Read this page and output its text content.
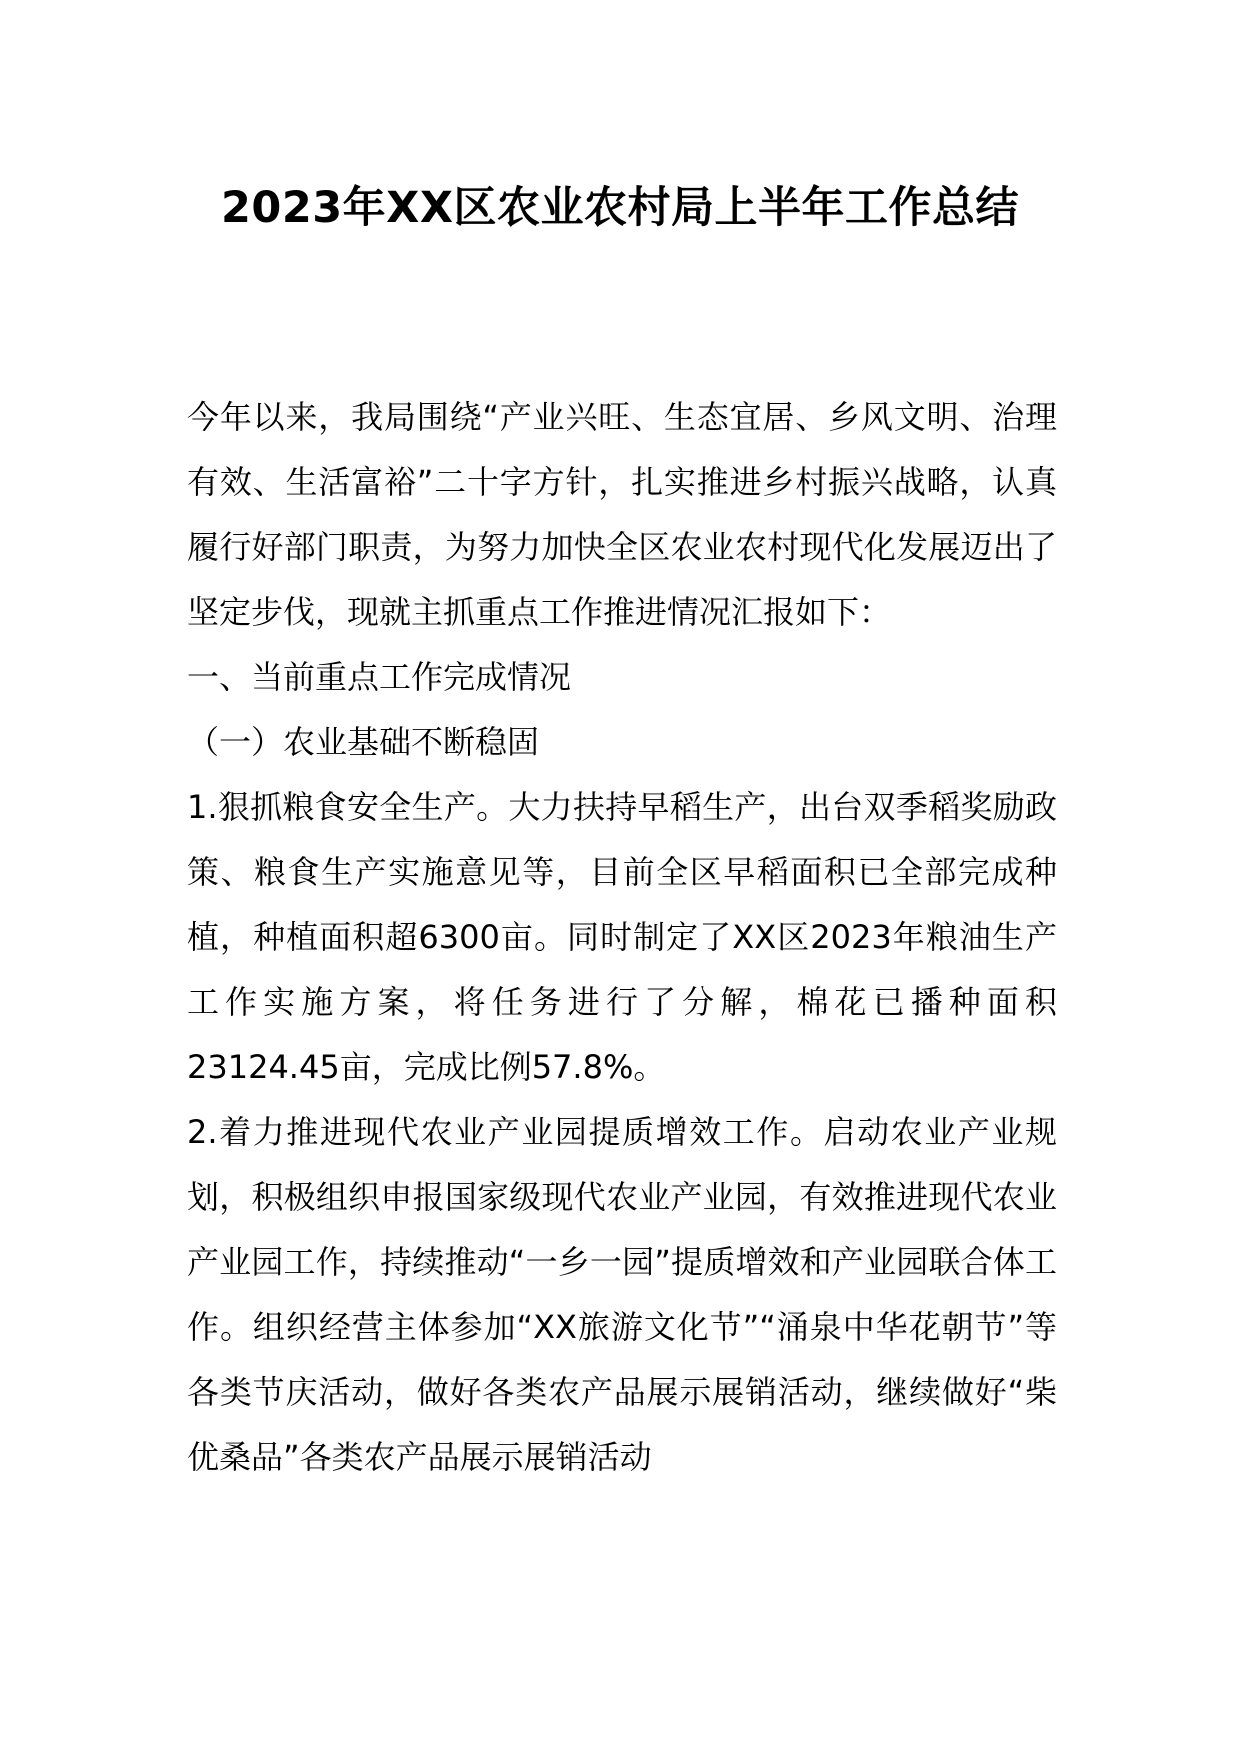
2023年XX区农业农村局上半年工作总结

今年以来，我局围绕“产业兴旺、生态宜居、乡风文明、治理有效、生活富裕”二十字方针，扎实推进乡村振兴战略，认真履行好部门职责，为努力加快全区农业农村现代化发展迈出了坚定步伐，现就主抓重点工作推进情况汇报如下：

一、当前重点工作完成情况

（一）农业基础不断稳固

1.狠抓粮食安全生产。大力扶持早稻生产，出台双季稻奖励政策、粮食生产实施意见等，目前全区早稻面积已全部完成种植，种植面积超6300亩。同时制定了XX区2023年粮油生产工作实施方案，将任务进行了分解，棉花已播种面积23124.45亩，完成比例57.8%。

2.着力推进现代农业产业园提质增效工作。启动农业产业规划，积极组织申报国家级现代农业产业园，有效推进现代农业产业园工作，持续推动“一乡一园”提质增效和产业园联合体工作。组织经营主体参加“XX旅游文化节”“涌泉中华花朝节”等各类节庆活动，做好各类农产品展示展销活动，继续做好“柴优桑品”各类农产品展示展销活动
